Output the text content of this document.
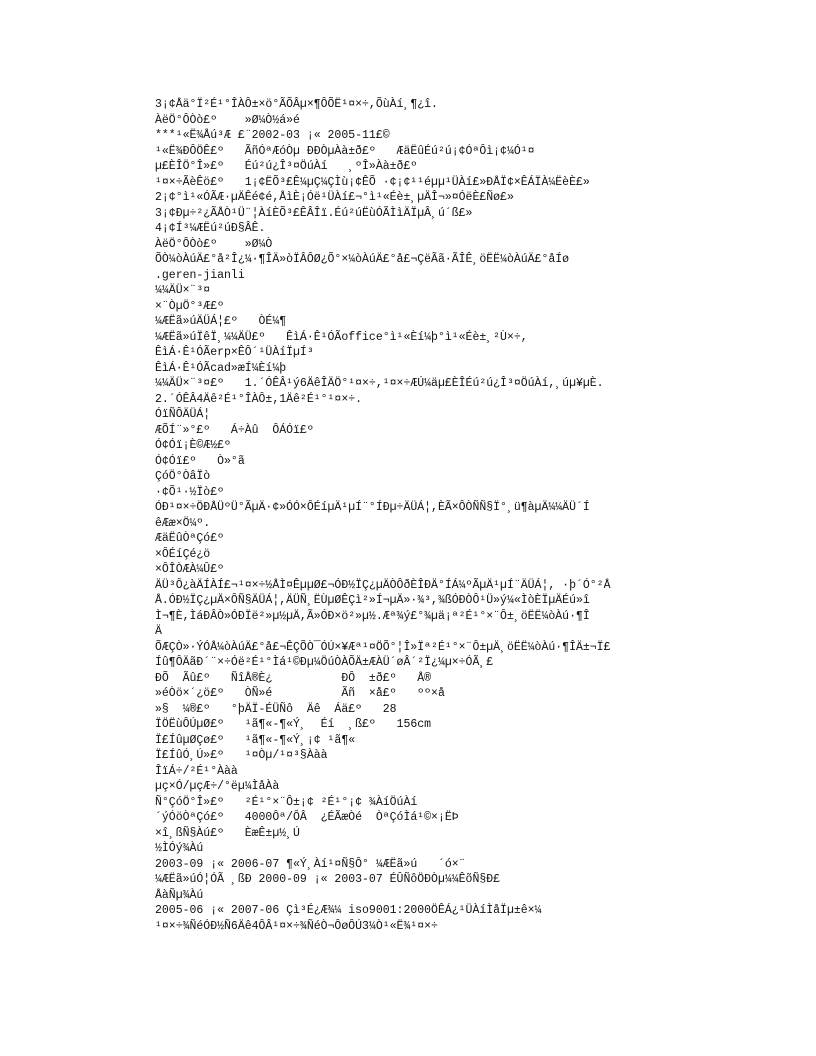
3¡¢Åä°Ï²É¹°ÎÀÔ±×ö°ÃÕÂµ×¶ÔÕË¹¤×÷,ÕùÀí¸¶¿î.
ÀëÖ°ÔÒò£º    »Ø¼Ò½á»é
***¹«Ë¾Åú³Æ £¨2002-03 ¡« 2005-11£©
¹«Ë¾ÐÔÖÊ£º   ÃñÓªÆóÒµ ÐÐÒµÀà±ð£º   ÆäËûÉú²ú¡¢ÓªÔì¡¢¼Ó¹¤
µ£ÈÎÖ°Î»£º   Éú²ú¿Î³¤ÖúÀí   ¸ºÎ»Àà±ð£º
¹¤×÷ÃèÊö£º   1¡¢ËÕ³£Ê¼µÇ¼ÇÌù¡¢ÊÕ ·¢¡¢¹¹éµµ¹ÜÀí£»ÐÅÏ¢×ÊÁÏÀ¼ËèÈ£»
2¡¢°ì¹«ÓÃÆ·µÄÊé¢é,ÅìÈ¡Óë¹ÜÀí£¬°ì¹«Éè±¸µÄÎ¬»¤ÓëÈ£Ñø£»
3¡¢Ðµ÷²¿ÃÅÒ¹Ü¨¦ÀíÈÕ³£ÊÂÎï.Éú²úËùÓÃÌìÄÏµÂ¸ú´ß£»
4¡¢Í³¼ÆËú²úÐ§ÂÊ.
ÀëÖ°ÔÒò£º    »Ø¼Ò
ÕÒ¼òÀúÄ£°å²Î¿¼·¶ÎÄ»òÏÂÔØ¿Õ°×¼òÀúÄ£°å£¬ÇëÃã·ÃÎÊ¸öËË¼òÀúÄ£°åÍø
.geren-jianli
¼¼ÄÜ×¨³¤
×¨ÒµÖ°³Æ£º
¼ÆËã»úÄÜÁ¦£º   ÒÉ¼¶
¼ÆËã»úÏêÏ¸¼¼ÄÜ£º   ÊìÁ·Ê¹ÓÃoffice°ì¹«Èí¼þ°ì¹«Éè±¸²Ù×÷,
ÊìÁ·Ê¹ÓÃerp×ÊÔ´¹ÜÀíÏµÍ³
ÊìÁ·Ê¹ÓÃcad»æÍ¼Èí¼þ
¼¼ÄÜ×¨³¤£º   1.´ÓÊÂ¹ý6ÄêÎÄÖ°¹¤×÷,¹¤×÷ÆÚ¼äµ£ÈÎÉú²ú¿Î³¤ÖúÀí,¸úµ¥µÈ.
2.´ÓÊÂ4Äê²É¹°ÎÀÔ±,1Äê²É¹°¹¤×÷.
ÓïÑÔÄÜÁ¦
ÆÕÍ¨»°£º   Á÷Àû  ÔÁÓï£º
Ó¢Óï¡È©Æ½£º
Ó¢Óï£º   Ò»°ã
ÇóÖ°ÒâÏò
·¢Õ¹·½Ïò£º
ÓÐ¹¤×÷ÖÐÅÜºÜ°ÃµÄ·¢»ÓÓ×ÔÉíµÄ¹µÍ¨°ÍÐµ÷ÄÜÁ¦,ÈÃ×ÔÒÑÑ§Ï°¸ü¶àµÄ¼¼ÄÜ´Í
êÆæ×Ö¼º.
ÆäËûÒªÇó£º
×ÔÉíÇé¿ö
×ÔÎÒÆÀ¼Û£º
ÄÜ³Ô¿àÄÍÀÍ£¬¹¤×÷½ÅÌ¤ÊµµØ£¬ÓÐ½ÏÇ¿µÄÒÔðÈÎÐÄ°ÍÁ¼ºÃµÄ¹µÍ¨ÄÜÁ¦, ·þ´Ó°²Å
Å.ÓÐ½ÏÇ¿µÄ×ÔÑ§ÄÜÁ¦,ÄÜÑ¸ËÙµØÊÇì²»Í¬µÄ»·¾³,¾ßÓÐÒÔ¹Ü»ý¼«ÌòÈÏµÄÉú»î
Ì¬¶È,ÌáÐÂÒ»ÓÐÏë²»µ½µÄ,Ã»ÓÐ×ö²»µ½.Æª¾ý£°¾µä¡ª²É¹°×¨Ô±¸öËË¼òÀú·¶Î
Ä
ÕÆÇÒ»·ÝÓÅ¼òÀúÄ£°å£¬ÊÇÕÒ¯ÓÚ×¥Æª¹¤ÖÕ°¦Î»Ïª²É¹°×¨Ô±µÄ¸öËË¼òÀú·¶ÎÄ±¬Ï£
Íû¶ÔÄãÐ´¨×÷Óë²É¹°Ìá¹©Ðµ¼ÖúÒÀÕÄ±ÆÀÜ´øÂ´²Ï¿¼µ×÷ÓÃ¸£
ÐÕ  Ãû£º   ÑîÅ®È¿          ÐÔ  ±ð£º   Å®
»éÒö×´¿ö£º   ÒÑ»é          Ãñ  ×å£º   ºº×å
»§  ¼®£º   °þÄÏ-ÉÜÑô  Äê  Áä£º   28
ÏÖËùÔÚµØ£º   ¹ã¶«-¶«Ý¸  Éí  ¸ß£º   156cm
Ï£ÍûµØÇø£º   ¹ã¶«-¶«Ý¸¡¢ ¹ã¶«
Ï£ÍûÓ¸Ú»£º   ¹¤Òµ/¹¤³§Ààà
ÎïÁ÷/²É¹°Ààà
µç×Ó/µçÆ÷/°ëµ¼ÌåÀà
Ñ°ÇóÖ°Î»£º   ²É¹°×¨Ô±¡¢ ²É¹°¡¢ ¾ÀíÖúÀí
´ýÓöÒªÇó£º   4000Ôª/ÔÂ  ¿ÉÃæÒé  ÒªÇóÌá¹©×¡ËÞ
×î¸ßÑ§Àú£º   ÈæÊ±µ½¸Ú
½ÌÓý¾Àú
2003-09 ¡« 2006-07 ¶«Ý¸Àí¹¤Ñ§Ô° ¼ÆËã»ú   ´ó×¨
¼ÆËã»úÓ¦ÓÃ ¸ßÐ 2000-09 ¡« 2003-07 ÉÛÑôÖÐÒµ¼¼ÊõÑ§Ð£
ÅàÑµ¾Àú
2005-06 ¡« 2007-06 Çì³É¿Æ¾¼ iso9001:2000ÖÊÁ¿¹ÜÀíÌåÏµ±ê×¼
¹¤×÷¾ÑéÓÐ½Ñ6Äê4ÔÂ¹¤×÷¾ÑéÒ¬ÔøÔÚ3¼Ò¹«Ë¾¹¤×÷
